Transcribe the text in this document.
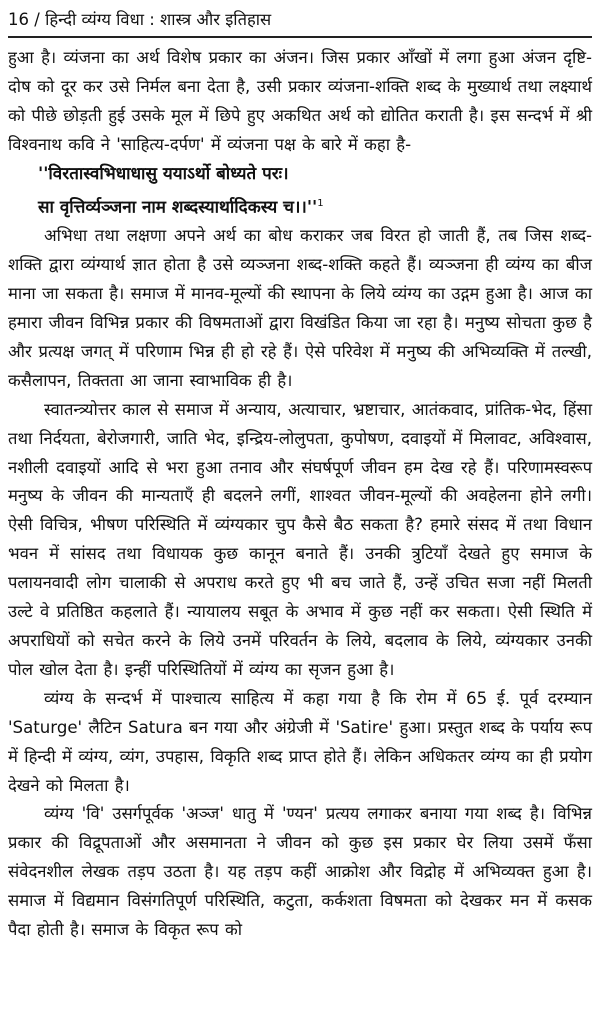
16 / हिन्दी व्यंग्य विधा : शास्त्र और इतिहास

हुआ है। व्यंजना का अर्थ विशेष प्रकार का अंजन। जिस प्रकार आँखों में लगा हुआ अंजन दृष्टि-दोष को दूर कर उसे निर्मल बना देता है, उसी प्रकार व्यंजना-शक्ति शब्द के मुख्यार्थ तथा लक्ष्यार्थ को पीछे छोड़ती हुई उसके मूल में छिपे हुए अकथित अर्थ को द्योतित कराती है। इस सन्दर्भ में श्री विश्वनाथ कवि ने 'साहित्य-दर्पण' में व्यंजना पक्ष के बारे में कहा है-

''विरतास्वभिधाधासु ययाऽर्थो बोध्यते परः।

सा वृत्तिर्व्यञ्जना नाम शब्दस्यार्थादिकस्य $च।।''^1$

अभिधा तथा लक्षणा अपने अर्थ का बोध कराकर जब विरत हो जाती हैं, तब जिस शब्द-शक्ति द्वारा व्यंग्यार्थ ज्ञात होता है उसे व्यञ्जना शब्द-शक्ति कहते हैं। व्यञ्जना ही व्यंग्य का बीज माना जा सकता है। समाज में मानव-मूल्यों की स्थापना के लिये व्यंग्य का उद्गम हुआ है। आज का हमारा जीवन विभिन्न प्रकार की विषमताओं द्वारा विखंडित किया जा रहा है। मनुष्य सोचता कुछ है और प्रत्यक्ष जगत् में परिणाम भिन्न ही हो रहे हैं। ऐसे परिवेश में मनुष्य की अभिव्यक्ति में तल्खी, कसैलापन, तिक्तता आ जाना स्वाभाविक ही है।

स्वातन्त्र्योत्तर काल से समाज में अन्याय, अत्याचार, भ्रष्टाचार, आतंकवाद, प्रांतिक-भेद, हिंसा तथा निर्दयता, बेरोजगारी, जाति भेद, इन्द्रिय-लोलुपता, कुपोषण, दवाइयों में मिलावट, अविश्वास, नशीली दवाइयों आदि से भरा हुआ तनाव और संघर्षपूर्ण जीवन हम देख रहे हैं। परिणामस्वरूप मनुष्य के जीवन की मान्यताएँ ही बदलने लगीं, शाश्वत जीवन-मूल्यों की अवहेलना होने लगी। ऐसी विचित्र, भीषण परिस्थिति में व्यंग्यकार चुप कैसे बैठ सकता है? हमारे संसद में तथा विधान भवन में सांसद तथा विधायक कुछ कानून बनाते हैं। उनकी त्रुटियाँ देखते हुए समाज के पलायनवादी लोग चालाकी से अपराध करते हुए भी बच जाते हैं, उन्हें उचित सजा नहीं मिलती उल्टे वे प्रतिष्ठित कहलाते हैं। न्यायालय सबूत के अभाव में कुछ नहीं कर सकता। ऐसी स्थिति में अपराधियों को सचेत करने के लिये उनमें परिवर्तन के लिये, बदलाव के लिये, व्यंग्यकार उनकी पोल खोल देता है। इन्हीं परिस्थितियों में व्यंग्य का सृजन हुआ है।

व्यंग्य के सन्दर्भ में पाश्चात्य साहित्य में कहा गया है कि रोम में 65 ई. पूर्व दरम्यान 'Saturge' लैटिन Satura बन गया और अंग्रेजी में 'Satire' हुआ। प्रस्तुत शब्द के पर्याय रूप में हिन्दी में व्यंग्य, व्यंग, उपहास, विकृति शब्द प्राप्त होते हैं। लेकिन अधिकतर व्यंग्य का ही प्रयोग देखने को मिलता है।

व्यंग्य 'वि' उसर्गपूर्वक 'अञ्ज' धातु में 'ण्यन' प्रत्यय लगाकर बनाया गया शब्द है। विभिन्न प्रकार की विद्रूपताओं और असमानता ने जीवन को कुछ इस प्रकार घेर लिया उसमें फँसा संवेदनशील लेखक तड़प उठता है। यह तड़प कहीं आक्रोश और विद्रोह में अभिव्यक्त हुआ है। समाज में विद्यमान विसंगतिपूर्ण परिस्थिति, कटुता, कर्कशता विषमता को देखकर मन में कसक पैदा होती है। समाज के विकृत रूप को
